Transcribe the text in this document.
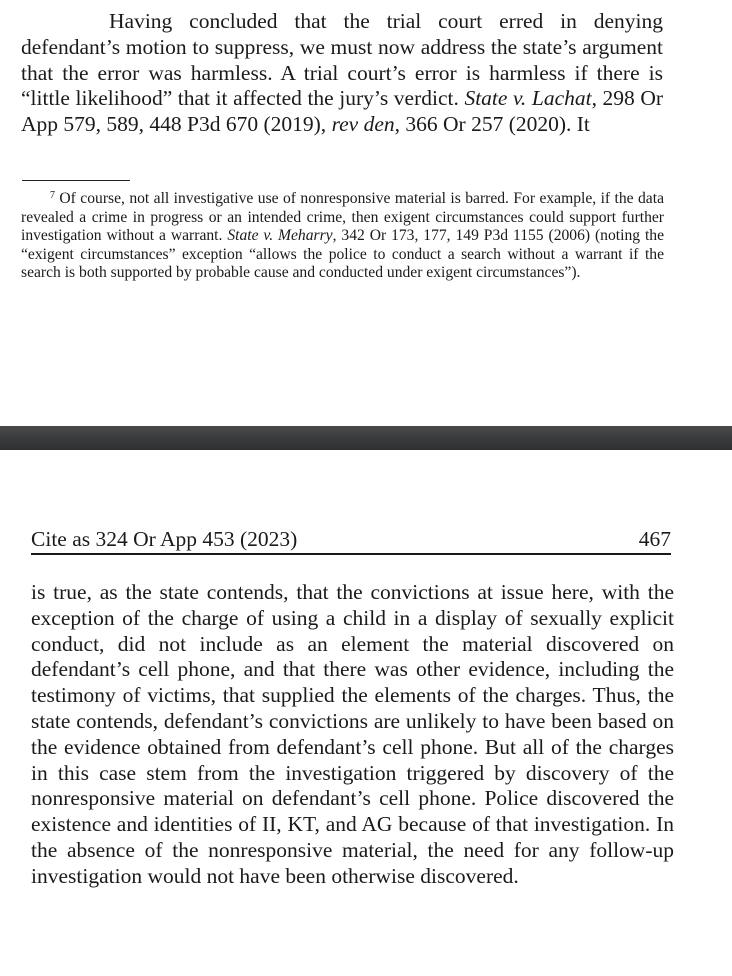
Having concluded that the trial court erred in denying defendant’s motion to suppress, we must now address the state’s argument that the error was harmless. A trial court’s error is harmless if there is “little likelihood” that it affected the jury’s verdict. State v. Lachat, 298 Or App 579, 589, 448 P3d 670 (2019), rev den, 366 Or 257 (2020). It

$^7$ Of course, not all investigative use of nonresponsive material is barred. For example, if the data revealed a crime in progress or an intended crime, then exigent circumstances could support further investigation without a warrant. State v. Meharry, 342 Or 173, 177, 149 P3d 1155 (2006) (noting the “exigent circumstances” exception “allows the police to conduct a search without a warrant if the search is both supported by probable cause and conducted under exigent circumstances”).

Cite as 324 Or App 453 (2023)	467

is true, as the state contends, that the convictions at issue here, with the exception of the charge of using a child in a display of sexually explicit conduct, did not include as an element the material discovered on defendant’s cell phone, and that there was other evidence, including the testimony of victims, that supplied the elements of the charges. Thus, the state contends, defendant’s convictions are unlikely to have been based on the evidence obtained from defendant’s cell phone. But all of the charges in this case stem from the investigation triggered by discovery of the nonresponsive material on defendant’s cell phone. Police discovered the existence and identities of II, KT, and AG because of that investigation. In the absence of the nonresponsive material, the need for any follow-up investigation would not have been otherwise discovered.
